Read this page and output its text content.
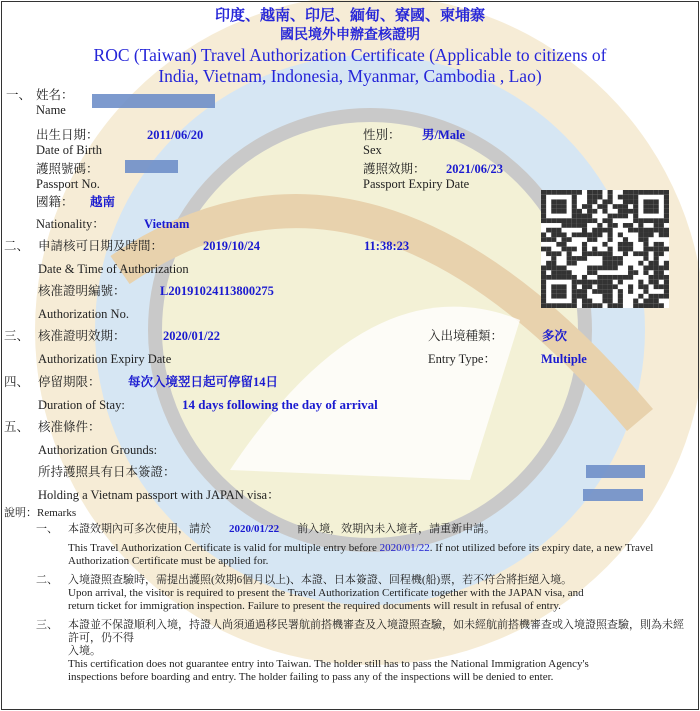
印度、越南、印尼、緬甸、寮國、柬埔寨
國民境外申辦查核證明
ROC (Taiwan) Travel Authorization Certificate (Applicable to citizens of
India, Vietnam, Indonesia, Myanmar, Cambodia , Lao)
一、 姓名：
Name
出生日期：
Date of Birth
2011/06/20	性別：
Sex
男/Male
護照號碼：
Passport No.
護照效期：
Passport Expiry Date
2021/06/23
國籍： 越南
Nationality：	Vietnam
二、 申請核可日期及時間：	2019/10/24	11:38:23
Date & Time of Authorization
核准證明編號：	L20191024113800275
Authorization No.
三、 核准證明效期：	2020/01/22
Authorization Expiry Date
入出境種類：	多次
Entry Type：	Multiple
四、 停留期限： 每次入境翌日起可停留14日
Duration of Stay:	14 days following the day of arrival
五、 核准條件：
Authorization Grounds:
所持護照具有日本簽證：
Holding a Vietnam passport with JAPAN visa：
說明：Remarks
一、 本證效期內可多次使用，請於 2020/01/22 前入境，效期內未入境者，請重新申請。
This Travel Authorization Certificate is valid for multiple entry before 2020/01/22. If not utilized before its expiry date, a new Travel Authorization Certificate must be applied for.
二、 入境證照查驗時，需提出護照(效期6個月以上)、本證、日本簽證、回程機(船)票，若不符合將拒絕入境。
Upon arrival, the visitor is required to present the Travel Authorization Certificate together with the JAPAN visa, and
return ticket for immigration inspection. Failure to present the required documents will result in refusal of entry.
三、 本證並不保證順利入境，持證人尚須通過移民署航前搭機審查及入境證照查驗，如未經航前搭機審查或入境證照查驗，則為未經許可，仍不得
入境。
This certification does not guarantee entry into Taiwan. The holder still has to pass the National Immigration Agency's
inspections before boarding and entry. The holder failing to pass any of the inspections will be denied to enter.
